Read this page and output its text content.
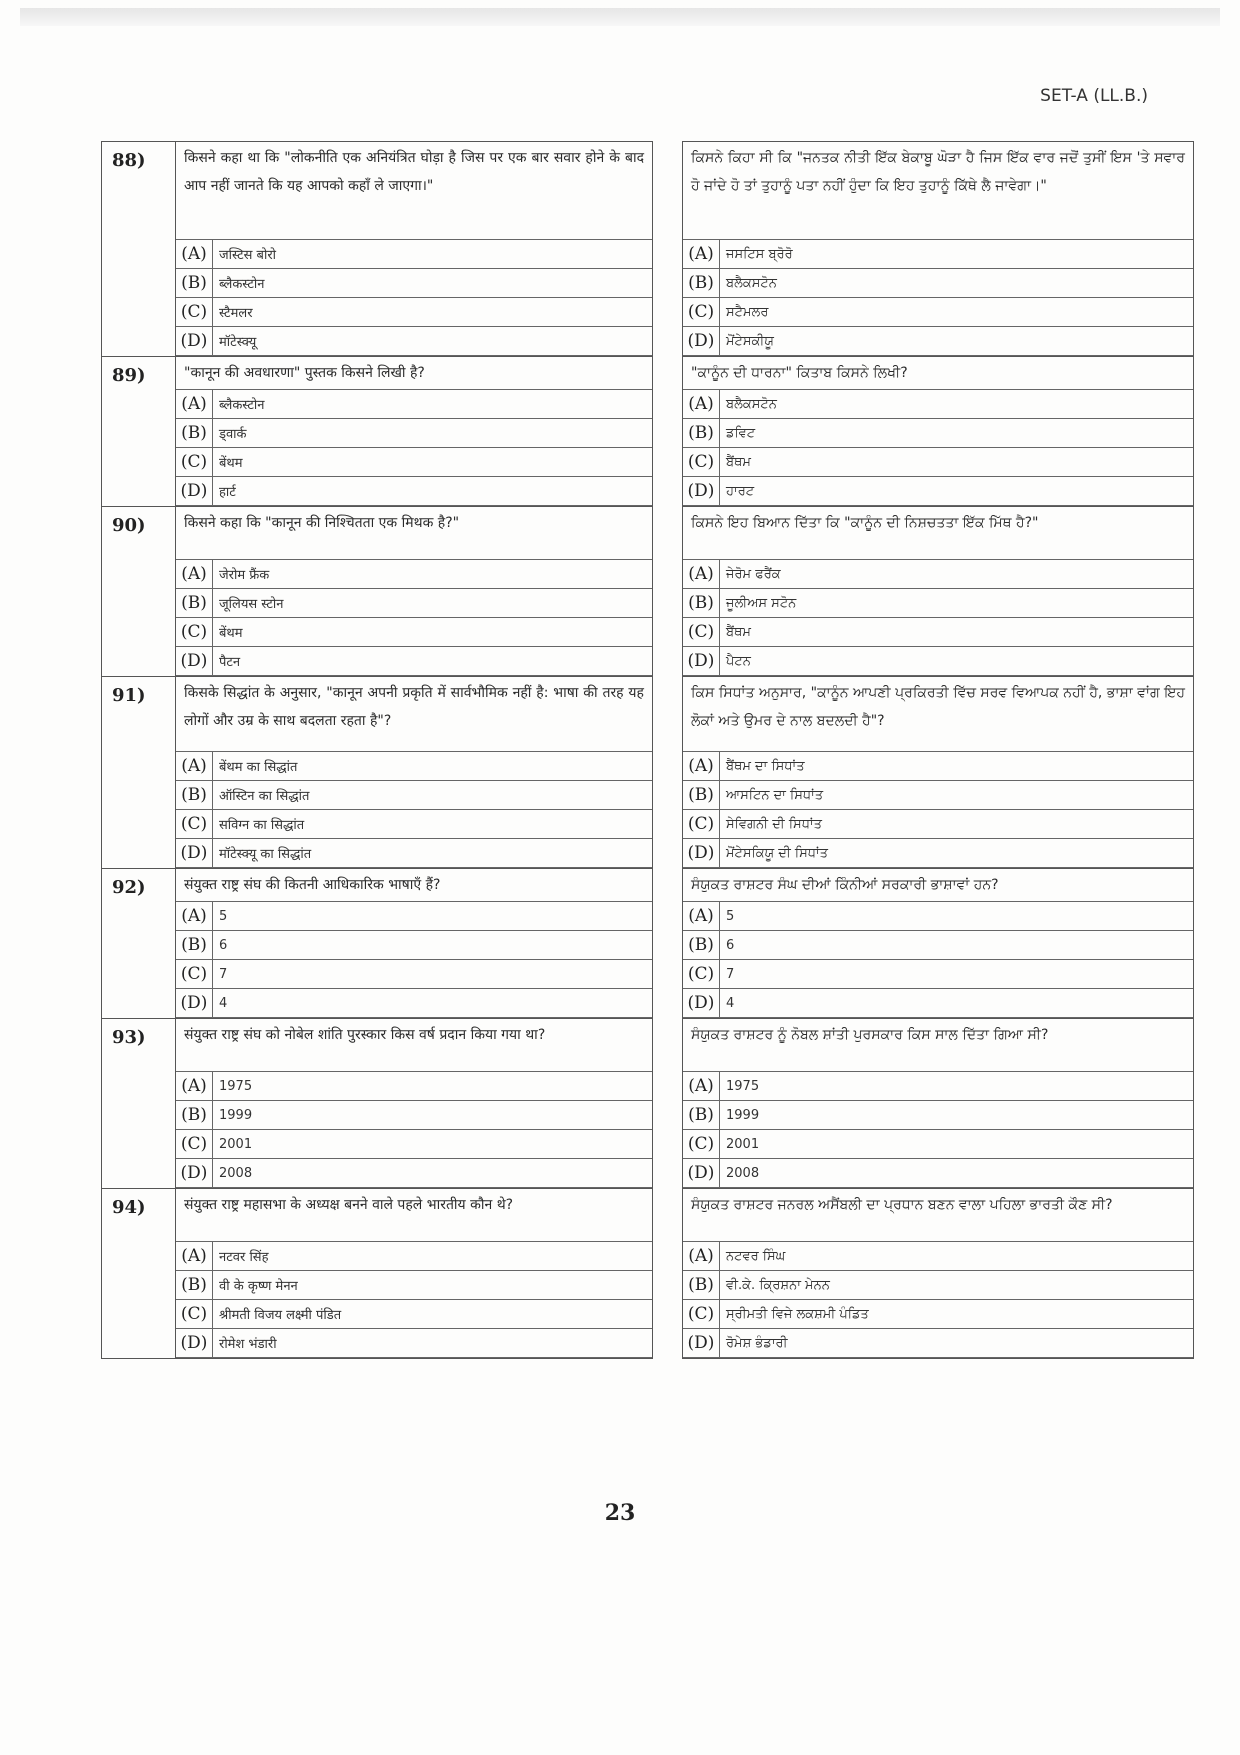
SET-A (LL.B.)
88)	किसने कहा था कि "लोकनीति एक अनियंत्रित घोड़ा है जिस पर एक बार सवार होने के बाद आप नहीं जानते कि यह आपको कहाँ ले जाएगा।"
(A)	जस्टिस बोरो
(B)	ब्लैकस्टोन
(C)	स्टैमलर
(D)	मॉटेस्क्यू

ਕਿਸਨੇ ਕਿਹਾ ਸੀ ਕਿ "ਜਨਤਕ ਨੀਤੀ ਇੱਕ ਬੇਕਾਬੂ ਘੋੜਾ ਹੈ ਜਿਸ ਇੱਕ ਵਾਰ ਜਦੋਂ ਤੁਸੀਂ ਇਸ 'ਤੇ ਸਵਾਰ ਹੋ ਜਾਂਦੇ ਹੋ ਤਾਂ ਤੁਹਾਨੂੰ ਪਤਾ ਨਹੀਂ ਹੁੰਦਾ ਕਿ ਇਹ ਤੁਹਾਨੂੰ ਕਿੱਥੇ ਲੈ ਜਾਵੇਗਾ।"
(A)	ਜਸਟਿਸ ਬ੍ਰੋਰੋ
(B)	ਬਲੈਕਸਟੋਨ
(C)	ਸਟੈਮਲਰ
(D)	ਮੋਂਟੇਸਕੀਯੂ

89)	"कानून की अवधारणा" पुस्तक किसने लिखी है?
(A)	ब्लैकस्टोन
(B)	ड्वार्क
(C)	बेंथम
(D)	हार्ट

"ਕਾਨੂੰਨ ਦੀ ਧਾਰਨਾ" ਕਿਤਾਬ ਕਿਸਨੇ ਲਿਖੀ?
(A)	ਬਲੈਕਸਟੋਨ
(B)	ਡਵਿਟ
(C)	ਬੈਂਥਮ
(D)	ਹਾਰਟ

90)	किसने कहा कि "कानून की निश्चितता एक मिथक है?"
(A)	जेरोम फ्रैंक
(B)	जूलियस स्टोन
(C)	बेंथम
(D)	पैटन

ਕਿਸਨੇ ਇਹ ਬਿਆਨ ਦਿੱਤਾ ਕਿ "ਕਾਨੂੰਨ ਦੀ ਨਿਸ਼ਚਤਤਾ ਇੱਕ ਮਿੱਥ ਹੈ?"
(A)	ਜੇਰੋਮ ਫਰੈਂਕ
(B)	ਜੂਲੀਅਸ ਸਟੋਨ
(C)	ਬੈਂਥਮ
(D)	ਪੈਟਨ

91)	किसके सिद्धांत के अनुसार, "कानून अपनी प्रकृति में सार्वभौमिक नहीं है: भाषा की तरह यह लोगों और उम्र के साथ बदलता रहता है"?
(A)	बेंथम का सिद्धांत
(B)	ऑस्टिन का सिद्धांत
(C)	सविग्न का सिद्धांत
(D)	मॉटेस्क्यू का सिद्धांत

ਕਿਸ ਸਿਧਾਂਤ ਅਨੁਸਾਰ, "ਕਾਨੂੰਨ ਆਪਣੀ ਪ੍ਰਕਿਰਤੀ ਵਿੱਚ ਸਰਵ ਵਿਆਪਕ ਨਹੀਂ ਹੈ, ਭਾਸ਼ਾ ਵਾਂਗ ਇਹ ਲੋਕਾਂ ਅਤੇ ਉਮਰ ਦੇ ਨਾਲ ਬਦਲਦੀ ਹੈ"?
(A)	ਬੈਂਥਮ ਦਾ ਸਿਧਾਂਤ
(B)	ਆਸਟਿਨ ਦਾ ਸਿਧਾਂਤ
(C)	ਸੇਵਿਗਨੀ ਦੀ ਸਿਧਾਂਤ
(D)	ਮੋਂਟੇਸਕਿਯੂ ਦੀ ਸਿਧਾਂਤ

92)	संयुक्त राष्ट्र संघ की कितनी आधिकारिक भाषाएँ हैं?
(A)	5
(B)	6
(C)	7
(D)	4

ਸੰਯੁਕਤ ਰਾਸ਼ਟਰ ਸੰਘ ਦੀਆਂ ਕਿੰਨੀਆਂ ਸਰਕਾਰੀ ਭਾਸ਼ਾਵਾਂ ਹਨ?
(A)	5
(B)	6
(C)	7
(D)	4

93)	संयुक्त राष्ट्र संघ को नोबेल शांति पुरस्कार किस वर्ष प्रदान किया गया था?
(A)	1975
(B)	1999
(C)	2001
(D)	2008

ਸੰਯੁਕਤ ਰਾਸ਼ਟਰ ਨੂੰ ਨੋਬਲ ਸ਼ਾਂਤੀ ਪੁਰਸਕਾਰ ਕਿਸ ਸਾਲ ਦਿੱਤਾ ਗਿਆ ਸੀ?
(A)	1975
(B)	1999
(C)	2001
(D)	2008

94)	संयुक्त राष्ट्र महासभा के अध्यक्ष बनने वाले पहले भारतीय कौन थे?
(A)	नटवर सिंह
(B)	वी के कृष्ण मेनन
(C)	श्रीमती विजय लक्ष्मी पंडित
(D)	रोमेश भंडारी

ਸੰਯੁਕਤ ਰਾਸ਼ਟਰ ਜਨਰਲ ਅਸੈਂਬਲੀ ਦਾ ਪ੍ਰਧਾਨ ਬਣਨ ਵਾਲਾ ਪਹਿਲਾ ਭਾਰਤੀ ਕੌਣ ਸੀ?
(A)	ਨਟਵਰ ਸਿੰਘ
(B)	ਵੀ.ਕੇ. ਕ੍ਰਿਸ਼ਨਾ ਮੇਨਨ
(C)	ਸ੍ਰੀਮਤੀ ਵਿਜੇ ਲਕਸ਼ਮੀ ਪੰਡਿਤ
(D)	ਰੋਮੇਸ਼ ਭੰਡਾਰੀ
23
